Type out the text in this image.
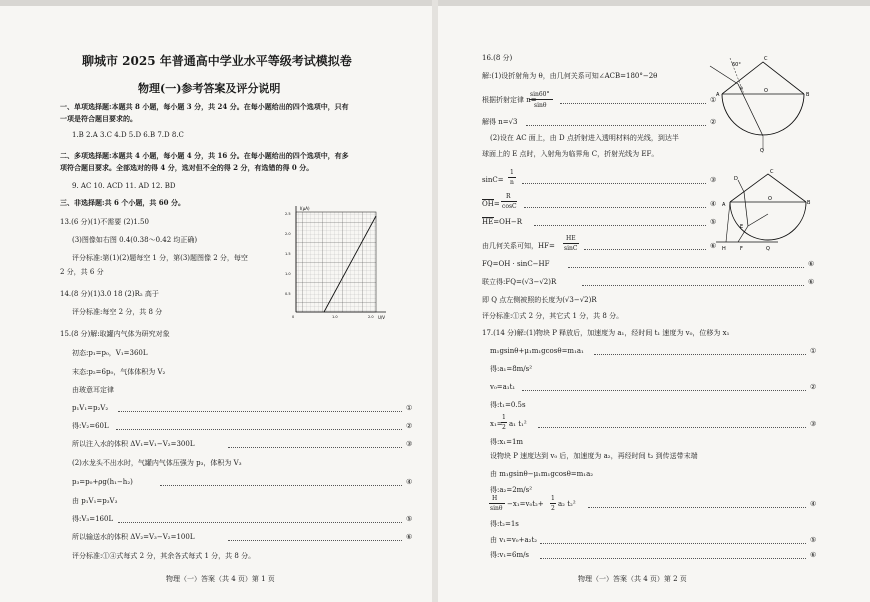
聊城市 2025 年普通高中学业水平等级考试模拟卷
物理(一)参考答案及评分说明
一、单项选择题:本题共 8 小题，每小题 3 分，共 24 分。在每小题给出的四个选项中，只有
一项是符合题目要求的。
1.B 2.A 3.C 4.D 5.D 6.B 7.D 8.C
二、多项选择题:本题共 4 小题，每小题 4 分，共 16 分。在每小题给出的四个选项中，有多
项符合题目要求。全部选对的得 4 分，选对但不全的得 2 分，有选错的得 0 分。
9. AC 10. ACD 11. AD 12. BD
三、非选择题:共 6 个小题，共 60 分。
13.(6 分)(1)不需要 (2)1.50
(3)图像如右图 0.4(0.38～0.42 均正确)
评分标准:第(1)(2)题每空 1 分，第(3)题图像 2 分，每空
2 分，共 6 分
14.(8 分)(1)3.0 18 (2)R₂ 高于
评分标准:每空 2 分，共 8 分
I(μA)
U/V
2.5
2.0
1.5
1.0
0.5
0	1.0	2.0
15.(8 分)解:取罐内气体为研究对象
初态:p₁=p₀，V₁=360L
末态:p₂=6p₀，气体体积为 V₂
由玻意耳定律
p₁V₁=p₂V₂	①
得:V₂=60L	②
所以注入水的体积 ΔV₁=V₁−V₂=300L	③
(2)水龙头不出水时，气罐内气体压强为 p₃，体积为 V₃
p₃=p₀+ρg(h₁−h₂)	④
由 p₁V₁=p₃V₃
得:V₃=160L	⑤
所以输送水的体积 ΔV₂=V₃−V₂=100L	⑥
评分标准:①④式每式 2 分，其余各式每式 1 分，共 8 分。
物理（一）答案（共 4 页）第 1 页
16.(8 分)
解:(1)设折射角为 θ，由几何关系可知∠ACB=180°−2θ
根据折射定律 n=
sin60°
sinθ
①
解得 n=√3	②
(2)设在 AC 面上，由 D 点折射进入透明材料的光线，到达半
球面上的 E 点时，入射角为临界角 C，折射光线为 EF。
60°
A	B
C
O
Q
θ
sinC=
1
n	③
OH=
R
cosC	④
HE=OH−R	⑤
由几何关系可知，HF=
HE
sinC	⑥
FQ=OH · sinC−HF	⑥
联立得:FQ=(√3−√2)R	⑥
即 Q 点左侧被照的长度为(√3−√2)R
评分标准:①式 2 分，其它式 1 分，共 8 分。
D
A	B
C
E
F
H
O
Q
17.(14 分)解:(1)物块 P 释放后，加速度为 a₁，经时间 t₁ 速度为 v₀，位移为 x₁
m₁gsinθ+μ₁m₁gcosθ=m₁a₁	①
得:a₁=8m/s²
v₀=a₁t₁	②
得:t₁=0.5s
x₁=
1
2 a₁ t₁²	③
得:x₁=1m
设物块 P 速度达到 v₀ 后，加速度为 a₂，再经时间 t₂ 到传送带末端
由 m₁gsinθ−μ₁m₁gcosθ=m₁a₂
得:a₂=2m/s²
H
sinθ
−x₁=v₀t₂+
1
2
a₂ t₂²	④
得:t₂=1s
由 v₁=v₀+a₂t₂	⑤
得:v₁=6m/s	⑥
物理（一）答案（共 4 页）第 2 页
